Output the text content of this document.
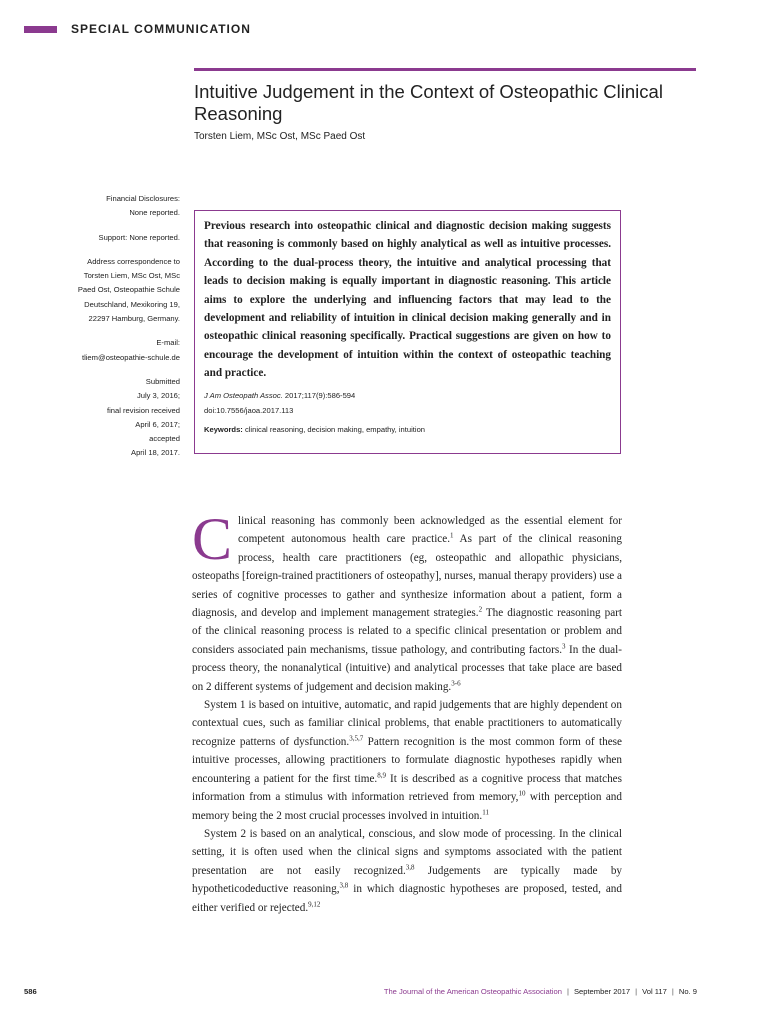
SPECIAL COMMUNICATION
Intuitive Judgement in the Context of Osteopathic Clinical Reasoning
Torsten Liem, MSc Ost, MSc Paed Ost

Financial Disclosures:
None reported.

Support: None reported.

Address correspondence to
Torsten Liem, MSc Ost, MSc
Paed Ost, Osteopathie Schule
Deutschland, Mexikoring 19,
22297 Hamburg, Germany.

E-mail:
tliem@osteopathie-schule.de

Submitted
July 3, 2016;
final revision received
April 6, 2017;
accepted
April 18, 2017.

Previous research into osteopathic clinical and diagnostic decision making suggests that reasoning is commonly based on highly analytical as well as intuitive processes. According to the dual-process theory, the intuitive and analytical processing that leads to decision making is equally important in diagnostic reasoning. This article aims to explore the underlying and influencing factors that may lead to the development and reliability of intuition in clinical decision making generally and in osteopathic clinical reasoning specifically. Practical suggestions are given on how to encourage the development of intuition within the context of osteopathic teaching and practice.

J Am Osteopath Assoc. 2017;117(9):586-594
doi:10.7556/jaoa.2017.113
Keywords: clinical reasoning, decision making, empathy, intuition

Clinical reasoning has commonly been acknowledged as the essential element for competent autonomous health care practice.$^1$ As part of the clinical reasoning process, health care practitioners (eg, osteopathic and allopathic physicians, osteopaths [foreign-trained practitioners of osteopathy], nurses, manual therapy providers) use a series of cognitive processes to gather and synthesize information about a patient, form a diagnosis, and develop and implement management strategies.$^2$ The diagnostic reasoning part of the clinical reasoning process is related to a specific clinical presentation or problem and considers associated pain mechanisms, tissue pathology, and contributing factors.$^3$ In the dual-process theory, the nonanalytical (intuitive) and analytical processes that take place are based on 2 different systems of judgement and decision making.$^{3-6}$

System 1 is based on intuitive, automatic, and rapid judgements that are highly dependent on contextual cues, such as familiar clinical problems, that enable practitioners to automatically recognize patterns of dysfunction.$^{3,5,7}$ Pattern recognition is the most common form of these intuitive processes, allowing practitioners to formulate diagnostic hypotheses rapidly when encountering a patient for the first time.$^{8,9}$ It is described as a cognitive process that matches information from a stimulus with information retrieved from memory,$^{10}$ with perception and memory being the 2 most crucial processes involved in intuition.$^{11}$

System 2 is based on an analytical, conscious, and slow mode of processing. In the clinical setting, it is often used when the clinical signs and symptoms associated with the patient presentation are not easily recognized.$^{3,8}$ Judgements are typically made by hypotheticodeductive reasoning,$^{3,8}$ in which diagnostic hypotheses are proposed, tested, and either verified or rejected.$^{9,12}$

586	The Journal of the American Osteopathic Association | September 2017 | Vol 117 | No. 9
